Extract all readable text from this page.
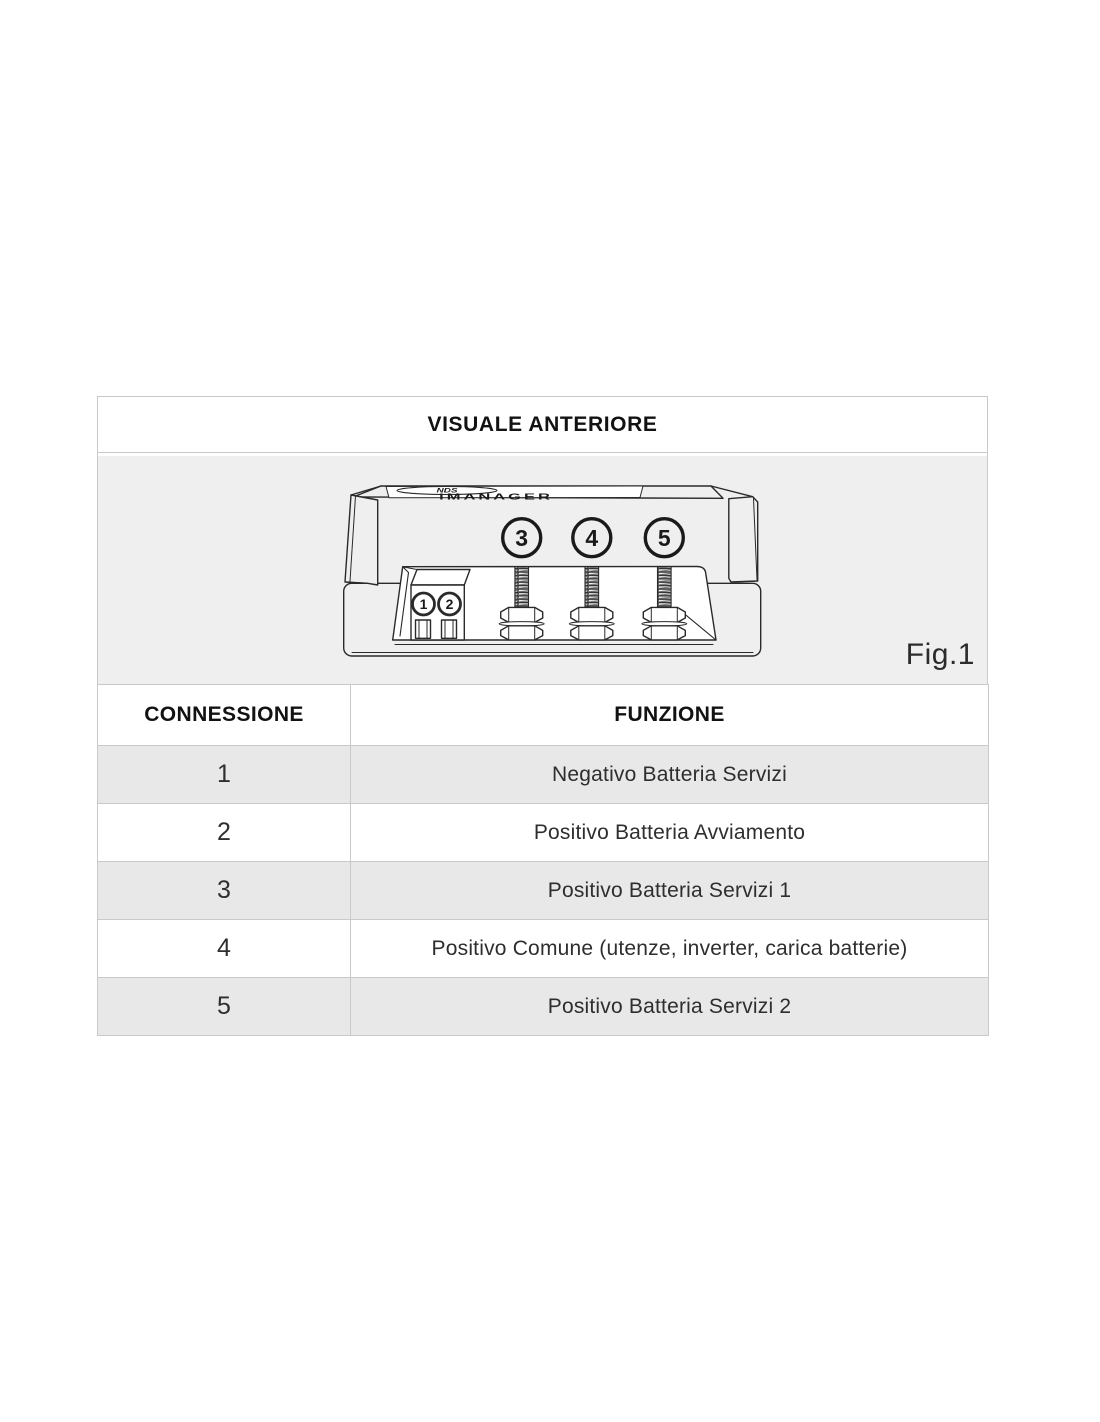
VISUALE ANTERIORE
1 2
NDS
iMANAGER
3 4	5
Fig.1
CONNESSIONE	FUNZIONE
1	Negativo Batteria Servizi
2	Positivo Batteria Avviamento
3	Positivo Batteria Servizi 1
4	Positivo Comune (utenze, inverter, carica batterie)
5	Positivo Batteria Servizi 2
